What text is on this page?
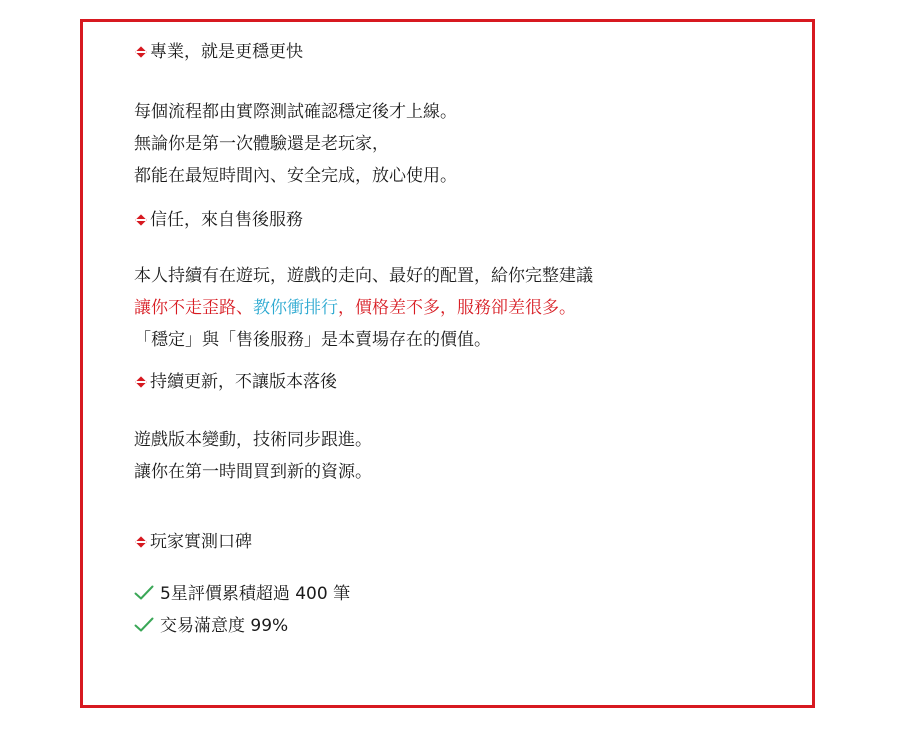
專業，就是更穩更快
每個流程都由實際測試確認穩定後才上線。
無論你是第一次體驗還是老玩家，
都能在最短時間內、安全完成，放心使用。
信任，來自售後服務
本人持續有在遊玩，遊戲的走向、最好的配置，給你完整建議
讓你不走歪路、教你衝排行，價格差不多，服務卻差很多。
「穩定」與「售後服務」是本賣場存在的價值。
持續更新，不讓版本落後
遊戲版本變動，技術同步跟進。
讓你在第一時間買到新的資源。
玩家實測口碑
5星評價累積超過 400 筆
交易滿意度 99%
